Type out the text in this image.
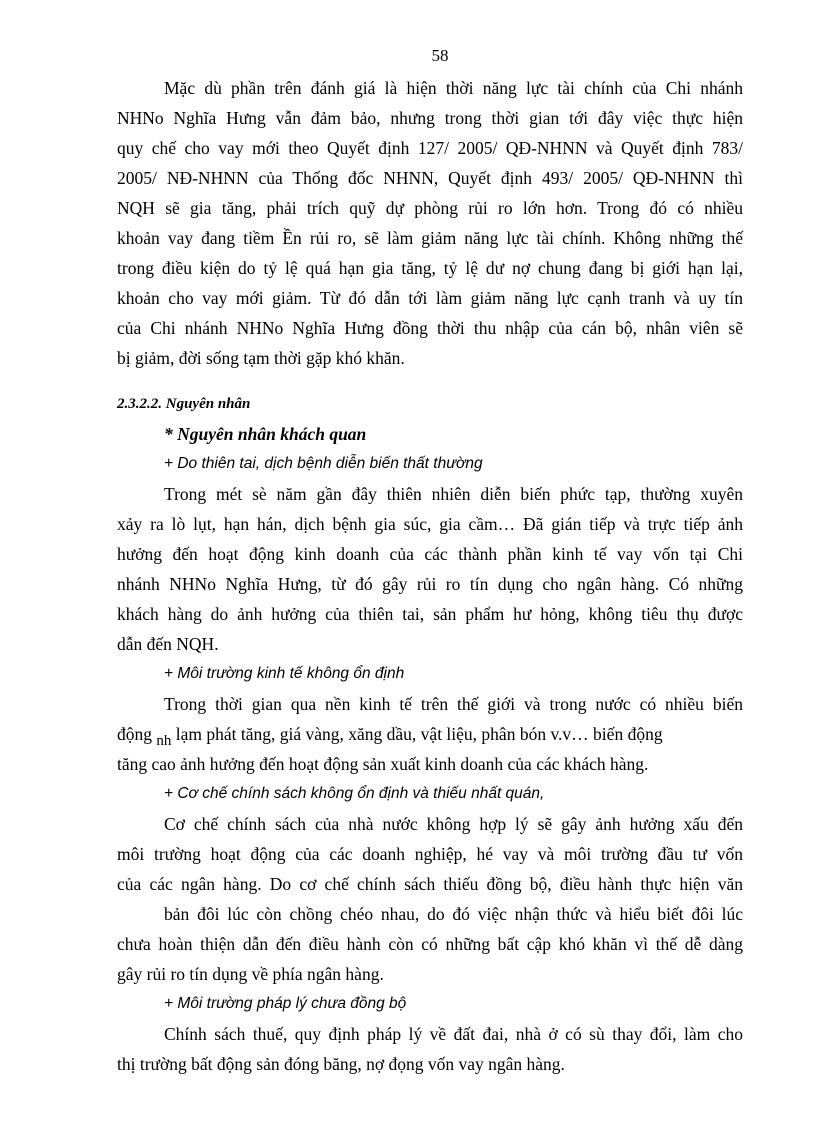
58
Mặc dù phần trên đánh giá là hiện thời năng lực tài chính của Chi nhánh
NHNo Nghĩa Hưng vẫn đảm bảo, nhưng trong thời gian tới đây việc thực hiện
quy chế cho vay mới theo Quyết định 127/ 2005/ QĐ-NHNN và Quyết định 783/
2005/ NĐ-NHNN của Thống đốc NHNN, Quyết định 493/ 2005/ QĐ-NHNN thì
NQH sẽ gia tăng, phải trích quỹ dự phòng rủi ro lớn hơn. Trong đó có nhiều
khoản vay đang tiềm Ền rủi ro, sẽ làm giảm năng lực tài chính. Không những thế
trong điều kiện do tỷ lệ quá hạn gia tăng, tỷ lệ dư nợ chung đang bị giới hạn lại,
khoản cho vay mới giảm. Từ đó dẫn tới làm giảm năng lực cạnh tranh và uy tín
của Chi nhánh NHNo Nghĩa Hưng đồng thời thu nhập của cán bộ, nhân viên sẽ
bị giảm, đời sống tạm thời gặp khó khăn.
2.3.2.2. Nguyên nhân
* Nguyên nhân khách quan
+ Do thiên tai, dịch bệnh diễn biến thất thường
Trong mét sè năm gần đây thiên nhiên diễn biến phức tạp, thường xuyên
xảy ra lò lụt, hạn hán, dịch bệnh gia súc, gia cầm… Đã gián tiếp và trực tiếp ảnh
hưởng đến hoạt động kinh doanh của các thành phần kinh tế vay vốn tại Chi
nhánh NHNo Nghĩa Hưng, từ đó gây rủi ro tín dụng cho ngân hàng. Có những
khách hàng do ảnh hưởng của thiên tai, sản phẩm hư hỏng, không tiêu thụ được
dẫn đến NQH.
+ Môi trường kinh tế không ổn định
Trong thời gian qua nền kinh tế trên thế giới và trong nước có nhiều biến
động nh lạm phát tăng, giá vàng, xăng dầu, vật liệu, phân bón v.v… biến động
tăng cao ảnh hưởng đến hoạt động sản xuất kinh doanh của các khách hàng.
+ Cơ chế chính sách không ổn định và thiếu nhất quán,
Cơ chế chính sách của nhà nước không hợp lý sẽ gây ảnh hưởng xấu đến
môi trường hoạt động của các doanh nghiệp, hé vay và môi trường đầu tư vốn
của các ngân hàng. Do cơ chế chính sách thiếu đồng bộ, điều hành thực hiện văn
bản đôi lúc còn chồng chéo nhau, do đó việc nhận thức và hiểu biết đôi lúc
chưa hoàn thiện dẫn đến điều hành còn có những bất cập khó khăn vì thế dễ dàng
gây rủi ro tín dụng về phía ngân hàng.
+ Môi trường pháp lý chưa đồng bộ
Chính sách thuế, quy định pháp lý về đất đai, nhà ở có sù thay đổi, làm cho
thị trường bất động sản đóng băng, nợ đọng vốn vay ngân hàng.
